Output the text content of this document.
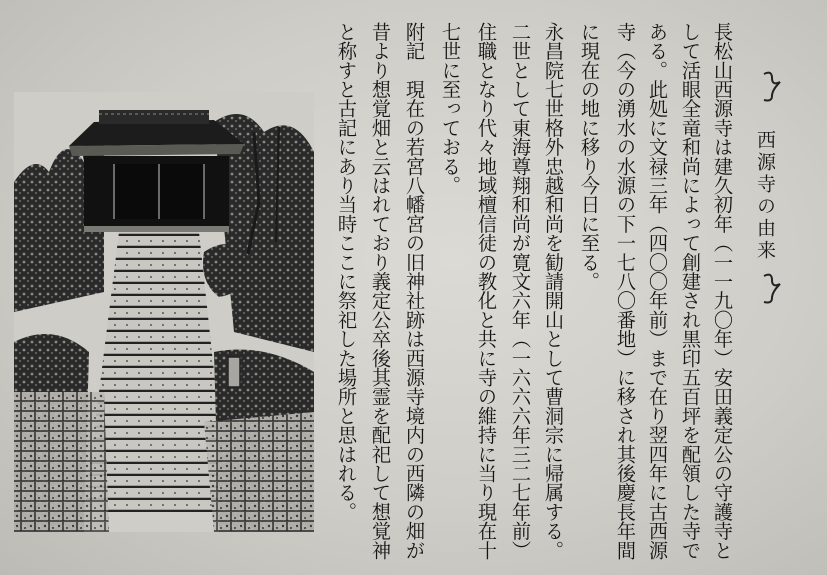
西源寺の由来
長松山西源寺は建久初年（一一九〇年）安田義定公の守護寺と
して活眼全竜和尚によって創建され黒印五百坪を配領した寺で
ある。此処に文禄三年（四〇〇年前）まで在り翌四年に古西源
寺（今の湧水の水源の下一七八〇番地）に移され其後慶長年間
に現在の地に移り今日に至る。
永昌院七世格外忠越和尚を勧請開山として曹洞宗に帰属する。
二世として東海尊翔和尚が寛文六年（一六六六年三二七年前）
住職となり代々地域檀信徒の教化と共に寺の維持に当り現在十
七世に至っておる。
附記　現在の若宮八幡宮の旧神社跡は西源寺境内の西隣の畑が
昔より想覚畑と云はれており義定公卒後其霊を配祀して想覚神
と称すと古記にあり当時ここに祭祀した場所と思はれる。
